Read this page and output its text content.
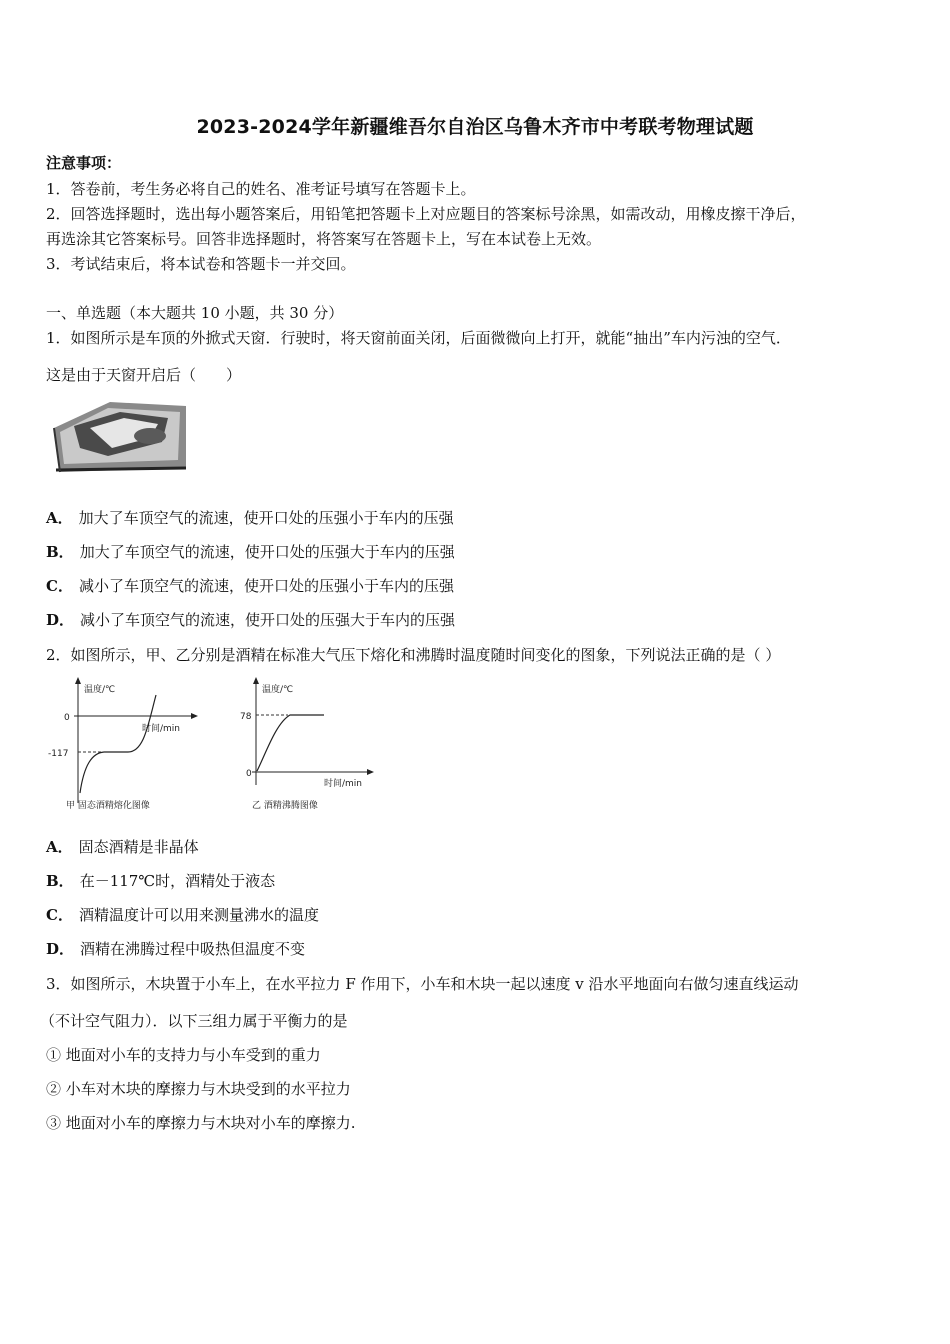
2023-2024学年新疆维吾尔自治区乌鲁木齐市中考联考物理试题
注意事项：
1．答卷前，考生务必将自己的姓名、准考证号填写在答题卡上。
2．回答选择题时，选出每小题答案后，用铅笔把答题卡上对应题目的答案标号涂黑，如需改动，用橡皮擦干净后，
再选涂其它答案标号。回答非选择题时，将答案写在答题卡上，写在本试卷上无效。
3．考试结束后，将本试卷和答题卡一并交回。
一、单选题（本大题共 10 小题，共 30 分）
1．如图所示是车顶的外掀式天窗．行驶时，将天窗前面关闭，后面微微向上打开，就能“抽出”车内污浊的空气．
这是由于天窗开启后（　　）
A． 加大了车顶空气的流速，使开口处的压强小于车内的压强
B． 加大了车顶空气的流速，使开口处的压强大于车内的压强
C． 减小了车顶空气的流速，使开口处的压强小于车内的压强
D． 减小了车顶空气的流速，使开口处的压强大于车内的压强
2．如图所示，甲、乙分别是酒精在标准大气压下熔化和沸腾时温度随时间变化的图象，下列说法正确的是（ ）
温度/℃
时间/min
0
-117
甲 固态酒精熔化图像
温度/℃
时间/min
0
78
乙 酒精沸腾图像
A． 固态酒精是非晶体
B． 在－117℃时，酒精处于液态
C． 酒精温度计可以用来测量沸水的温度
D． 酒精在沸腾过程中吸热但温度不变
3．如图所示，木块置于小车上，在水平拉力 F 作用下，小车和木块一起以速度 v 沿水平地面向右做匀速直线运动
（不计空气阻力）．以下三组力属于平衡力的是
① 地面对小车的支持力与小车受到的重力
② 小车对木块的摩擦力与木块受到的水平拉力
③ 地面对小车的摩擦力与木块对小车的摩擦力.
